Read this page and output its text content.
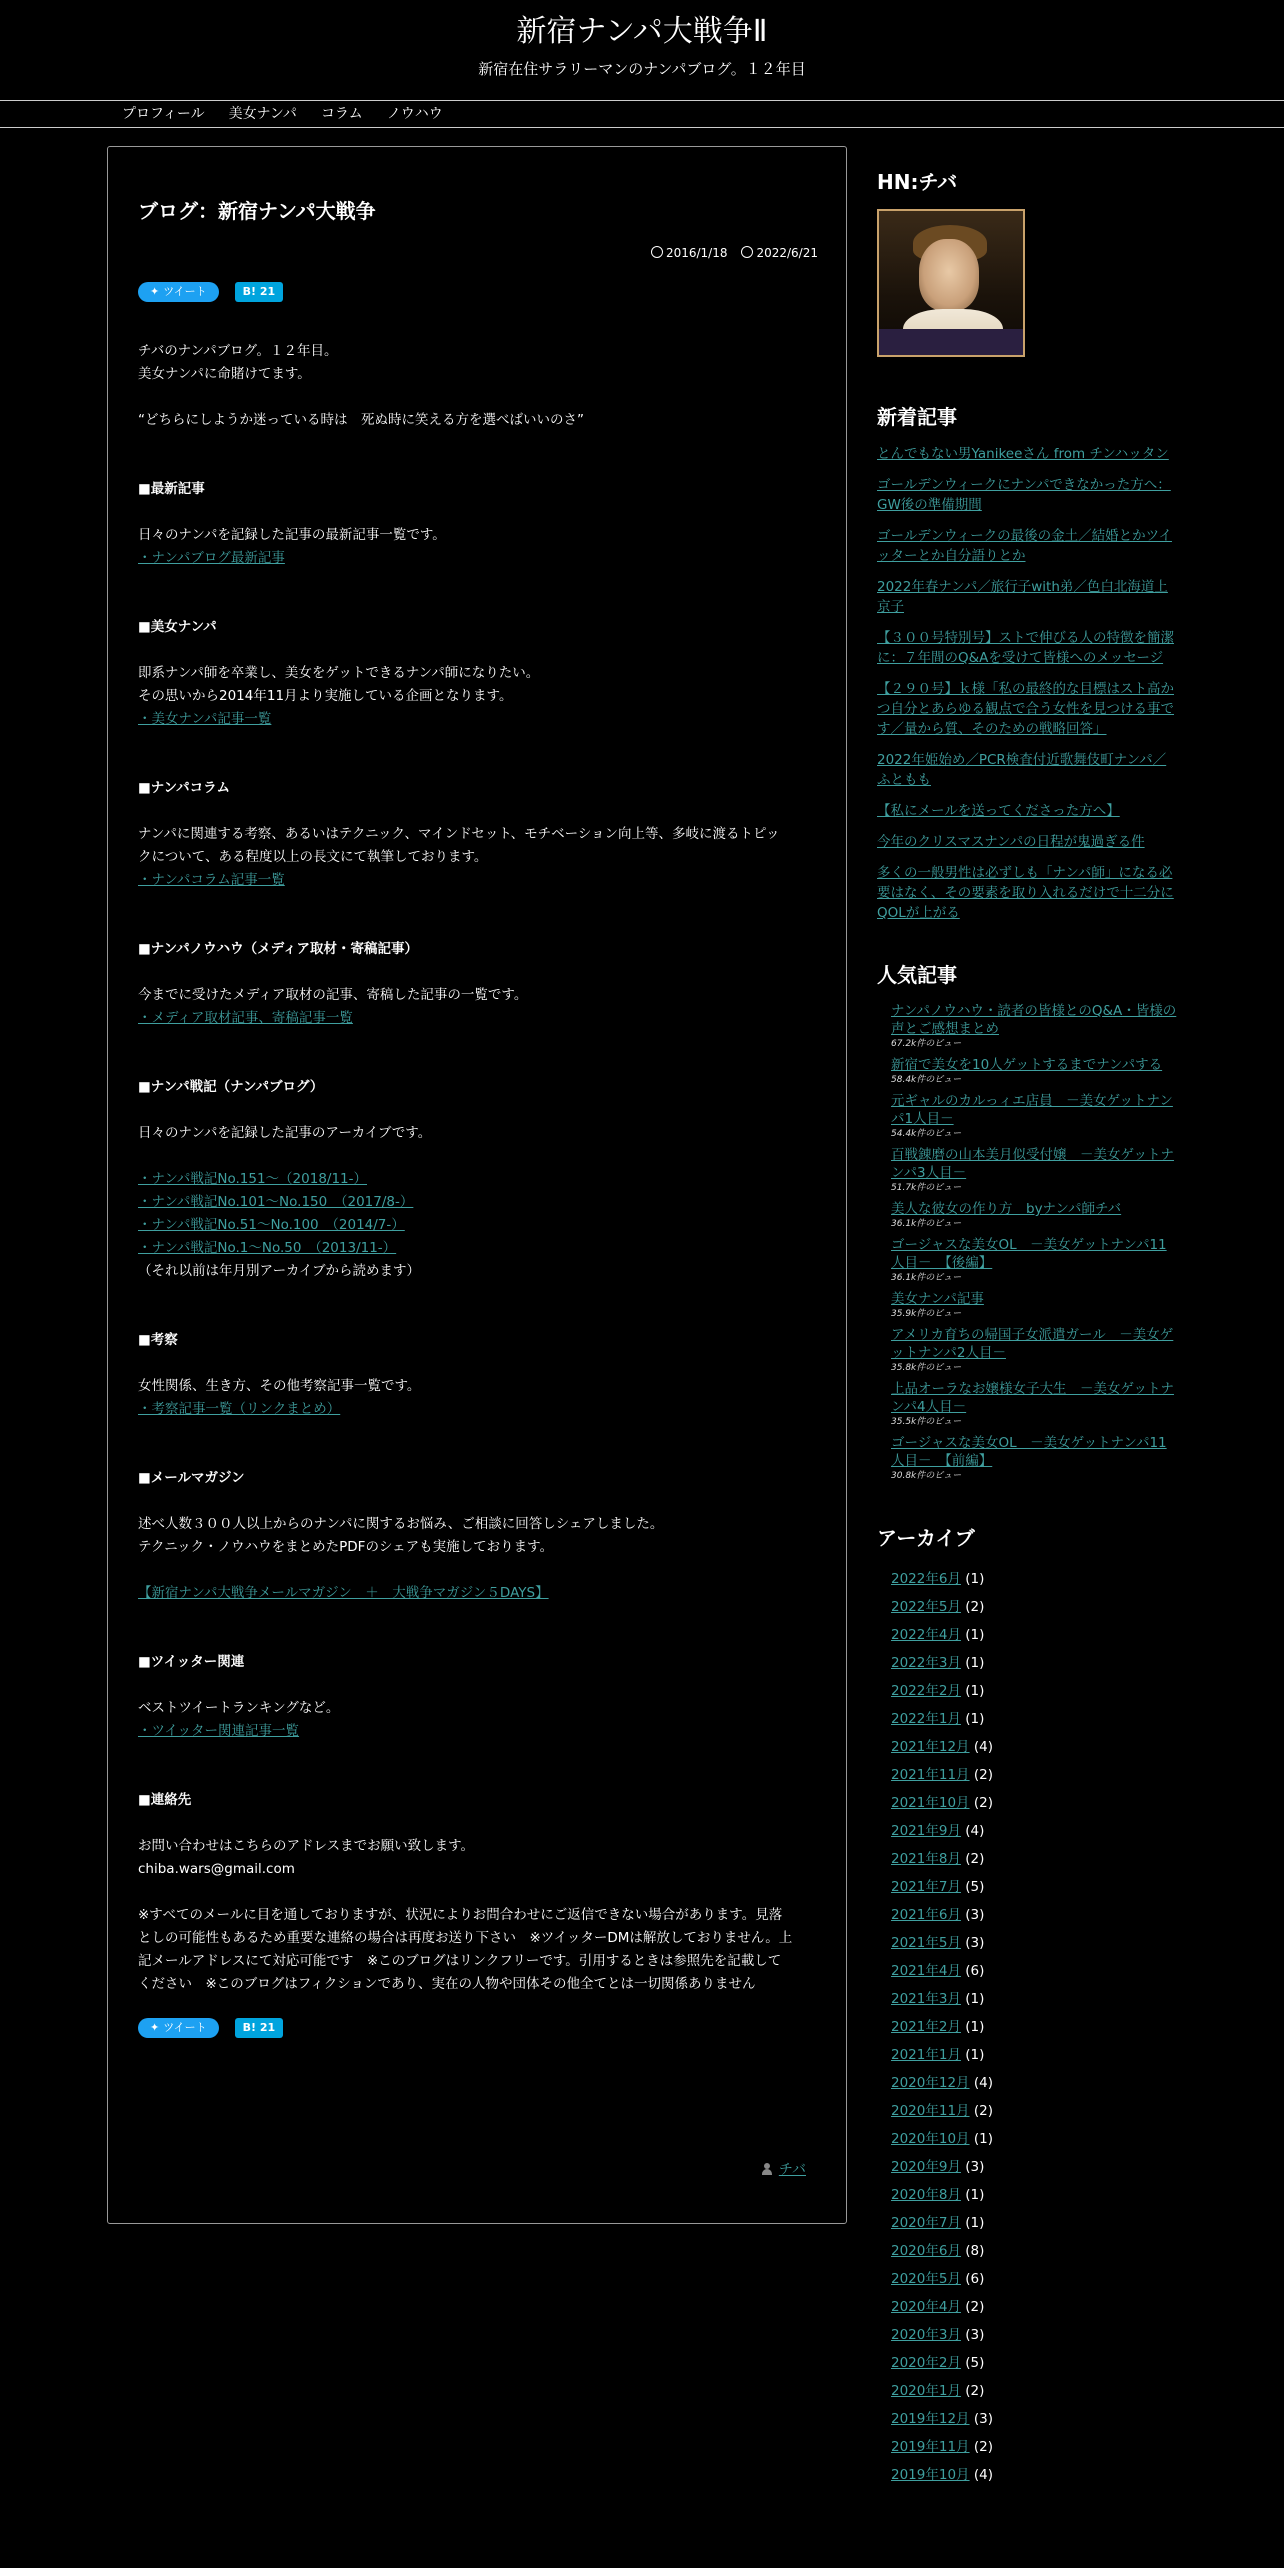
新宿ナンパ大戦争Ⅱ
新宿在住サラリーマンのナンパブログ。１２年目
プロフィール	美女ナンパ	コラム	ノウハウ
ブログ：新宿ナンパ大戦争
2016/1/18	2022/6/21
✦ ツイート	B! 21

チバのナンパブログ。１２年目。

美女ナンパに命賭けてます。

“どちらにしようか迷っている時は　死ぬ時に笑える方を選べばいいのさ”

■最新記事

日々のナンパを記録した記事の最新記事一覧です。

・ナンパブログ最新記事

■美女ナンパ

即系ナンパ師を卒業し、美女をゲットできるナンパ師になりたい。

その思いから2014年11月より実施している企画となります。

・美女ナンパ記事一覧

■ナンパコラム

ナンパに関連する考察、あるいはテクニック、マインドセット、モチベーション向上等、多岐に渡るトピッ

クについて、ある程度以上の長文にて執筆しております。

・ナンパコラム記事一覧

■ナンパノウハウ（メディア取材・寄稿記事）

今までに受けたメディア取材の記事、寄稿した記事の一覧です。

・メディア取材記事、寄稿記事一覧

■ナンパ戦記（ナンパブログ）

日々のナンパを記録した記事のアーカイブです。

・ナンパ戦記No.151～（2018/11-）

・ナンパ戦記No.101～No.150　（2017/8-）

・ナンパ戦記No.51～No.100　（2014/7-）

・ナンパ戦記No.1～No.50　（2013/11-）

（それ以前は年月別アーカイブから読めます）

■考察

女性関係、生き方、その他考察記事一覧です。

・考察記事一覧（リンクまとめ）

■メールマガジン

述べ人数３００人以上からのナンパに関するお悩み、ご相談に回答しシェアしました。

テクニック・ノウハウをまとめたPDFのシェアも実施しております。

【新宿ナンパ大戦争メールマガジン　＋　大戦争マガジン５DAYS】

■ツイッター関連

ベストツイートランキングなど。

・ツイッター関連記事一覧

■連絡先

お問い合わせはこちらのアドレスまでお願い致します。

chiba.wars@gmail.com

※すべてのメールに目を通しておりますが、状況によりお問合わせにご返信できない場合があります。見落

としの可能性もあるため重要な連絡の場合は再度お送り下さい　※ツイッターDMは解放しておりません。上

記メールアドレスにて対応可能です　※このブログはリンクフリーです。引用するときは参照先を記載して

ください　※このブログはフィクションであり、実在の人物や団体その他全てとは一切関係ありません

✦ ツイート	B! 21
チバ
HN:チバ
新着記事
とんでもない男Yanikeeさん from チンハッタン
ゴールデンウィークにナンパできなかった方へ：GW後の準備期間
ゴールデンウィークの最後の金土／結婚とかツイッターとか自分語りとか
2022年春ナンパ／旅行子with弟／色白北海道上京子
【３００号特別号】ストで伸びる人の特徴を簡潔に：７年間のQ&Aを受けて皆様へのメッセージ
【２９０号】ｋ様「私の最終的な目標はスト高かつ自分とあらゆる観点で合う女性を見つける事です／量から質、そのための戦略回答」
2022年姫始め／PCR検査付近歌舞伎町ナンパ／ふともも
【私にメールを送ってくださった方へ】
今年のクリスマスナンパの日程が鬼過ぎる件
多くの一般男性は必ずしも「ナンパ師」になる必要はなく、その要素を取り入れるだけで十二分にQOLが上がる
人気記事
ナンパノウハウ・読者の皆様とのQ&A・皆様の声とご感想まとめ
67.2k件のビュー
新宿で美女を10人ゲットするまでナンパする
58.4k件のビュー
元ギャルのカルっィエ店員　－美女ゲットナンパ1人目－
54.4k件のビュー
百戦錬磨の山本美月似受付嬢　－美女ゲットナンパ3人目－
51.7k件のビュー
美人な彼女の作り方　byナンパ師チバ
36.1k件のビュー
ゴージャスな美女OL　－美女ゲットナンパ11人目－　【後編】
36.1k件のビュー
美女ナンパ記事
35.9k件のビュー
アメリカ育ちの帰国子女派遣ガール　－美女ゲットナンパ2人目－
35.8k件のビュー
上品オーラなお嬢様女子大生　－美女ゲットナンパ4人目－
35.5k件のビュー
ゴージャスな美女OL　－美女ゲットナンパ11人目－　【前編】
30.8k件のビュー
アーカイブ
2022年6月 (1)
2022年5月 (2)
2022年4月 (1)
2022年3月 (1)
2022年2月 (1)
2022年1月 (1)
2021年12月 (4)
2021年11月 (2)
2021年10月 (2)
2021年9月 (4)
2021年8月 (2)
2021年7月 (5)
2021年6月 (3)
2021年5月 (3)
2021年4月 (6)
2021年3月 (1)
2021年2月 (1)
2021年1月 (1)
2020年12月 (4)
2020年11月 (2)
2020年10月 (1)
2020年9月 (3)
2020年8月 (1)
2020年7月 (1)
2020年6月 (8)
2020年5月 (6)
2020年4月 (2)
2020年3月 (3)
2020年2月 (5)
2020年1月 (2)
2019年12月 (3)
2019年11月 (2)
2019年10月 (4)
